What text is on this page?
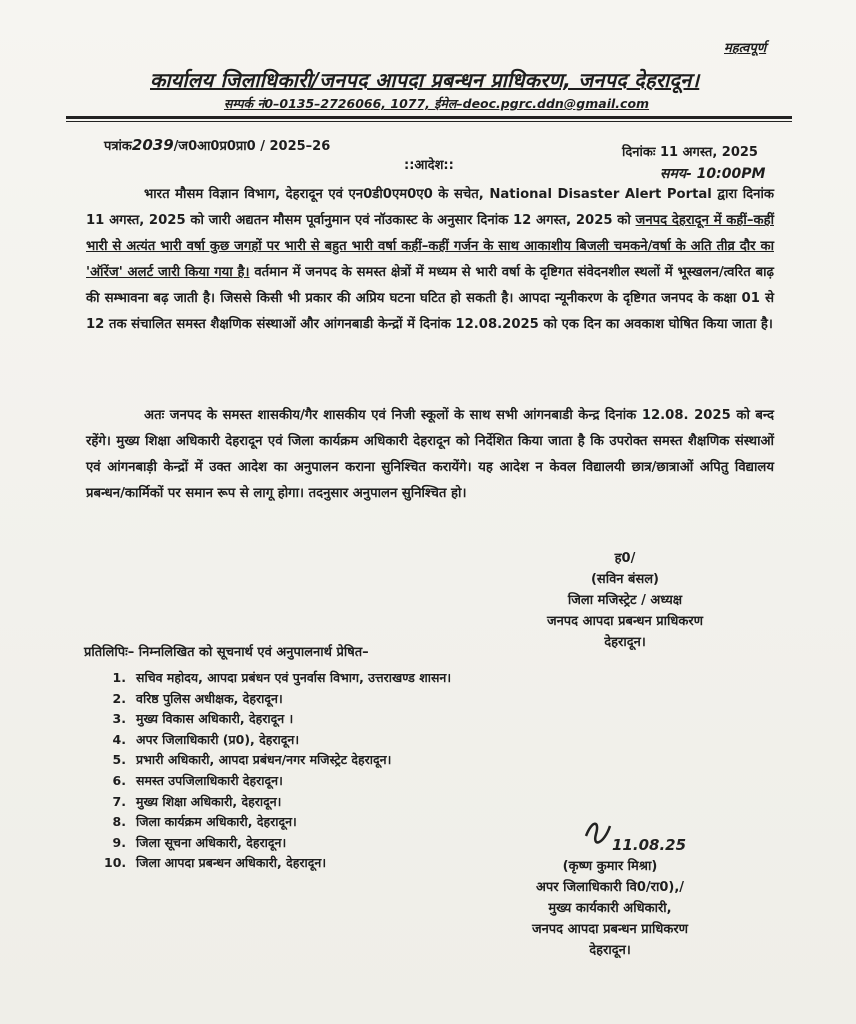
महत्वपूर्ण
कार्यालय जिलाधिकारी/जनपद आपदा प्रबन्धन प्राधिकरण, जनपद देहरादून।
सम्पर्क नं0–0135–2726066, 1077, ईमेल–deoc.pgrc.ddn@gmail.com
पत्रांक2039/ज0आ0प्र0प्रा0 / 2025–26	दिनांकः 11 अगस्त, 2025
समय- 10:00PM
::आदेश::
भारत मौसम विज्ञान विभाग, देहरादून एवं एन0डी0एम0ए0 के सचेत, National Disaster Alert Portal द्वारा दिनांक 11 अगस्त, 2025 को जारी अद्यतन मौसम पूर्वानुमान एवं नॉउकास्ट के अनुसार दिनांक 12 अगस्त, 2025 को जनपद देहरादून में कहीं–कहीं भारी से अत्यंत भारी वर्षा कुछ जगहों पर भारी से बहुत भारी वर्षा कहीं–कहीं गर्जन के साथ आकाशीय बिजली चमकने/वर्षा के अति तीव्र दौर का 'ऑरेंज' अलर्ट जारी किया गया है। वर्तमान में जनपद के समस्त क्षेत्रों में मध्यम से भारी वर्षा के दृष्टिगत संवेदनशील स्थलों में भूस्खलन/त्वरित बाढ़ की सम्भावना बढ़ जाती है। जिससे किसी भी प्रकार की अप्रिय घटना घटित हो सकती है। आपदा न्यूनीकरण के दृष्टिगत जनपद के कक्षा 01 से 12 तक संचालित समस्त शैक्षणिक संस्थाओं और आंगनबाडी केन्द्रों में दिनांक 12.08.2025 को एक दिन का अवकाश घोषित किया जाता है।
अतः जनपद के समस्त शासकीय/गैर शासकीय एवं निजी स्कूलों के साथ सभी आंगनबाडी केन्द्र दिनांक 12.08. 2025 को बन्द रहेंगे। मुख्य शिक्षा अधिकारी देहरादून एवं जिला कार्यक्रम अधिकारी देहरादून को निर्देशित किया जाता है कि उपरोक्त समस्त शैक्षणिक संस्थाओं एवं आंगनबाड़ी केन्द्रों में उक्त आदेश का अनुपालन कराना सुनिश्चित करायेंगे। यह आदेश न केवल विद्यालयी छात्र/छात्राओं अपितु विद्यालय प्रबन्धन/कार्मिकों पर समान रूप से लागू होगा। तदनुसार अनुपालन सुनिश्चित हो।
ह0/
(सविन बंसल)
जिला मजिस्ट्रेट / अध्यक्ष
जनपद आपदा प्रबन्धन प्राधिकरण
देहरादून।
प्रतिलिपिः– निम्नलिखित को सूचनार्थ एवं अनुपालनार्थ प्रेषित–
1. सचिव महोदय, आपदा प्रबंधन एवं पुनर्वास विभाग, उत्तराखण्ड शासन।
2. वरिष्ठ पुलिस अधीक्षक, देहरादून।
3. मुख्य विकास अधिकारी, देहरादून ।
4. अपर जिलाधिकारी (प्र0), देहरादून।
5. प्रभारी अधिकारी, आपदा प्रबंधन/नगर मजिस्ट्रेट देहरादून।
6. समस्त उपजिलाधिकारी देहरादून।
7. मुख्य शिक्षा अधिकारी, देहरादून।
8. जिला कार्यक्रम अधिकारी, देहरादून।
9. जिला सूचना अधिकारी, देहरादून।
10. जिला आपदा प्रबन्धन अधिकारी, देहरादून।
11.08.25
(कृष्ण कुमार मिश्रा)
अपर जिलाधिकारी वि0/रा0),/
मुख्य कार्यकारी अधिकारी,
जनपद आपदा प्रबन्धन प्राधिकरण
देहरादून।
